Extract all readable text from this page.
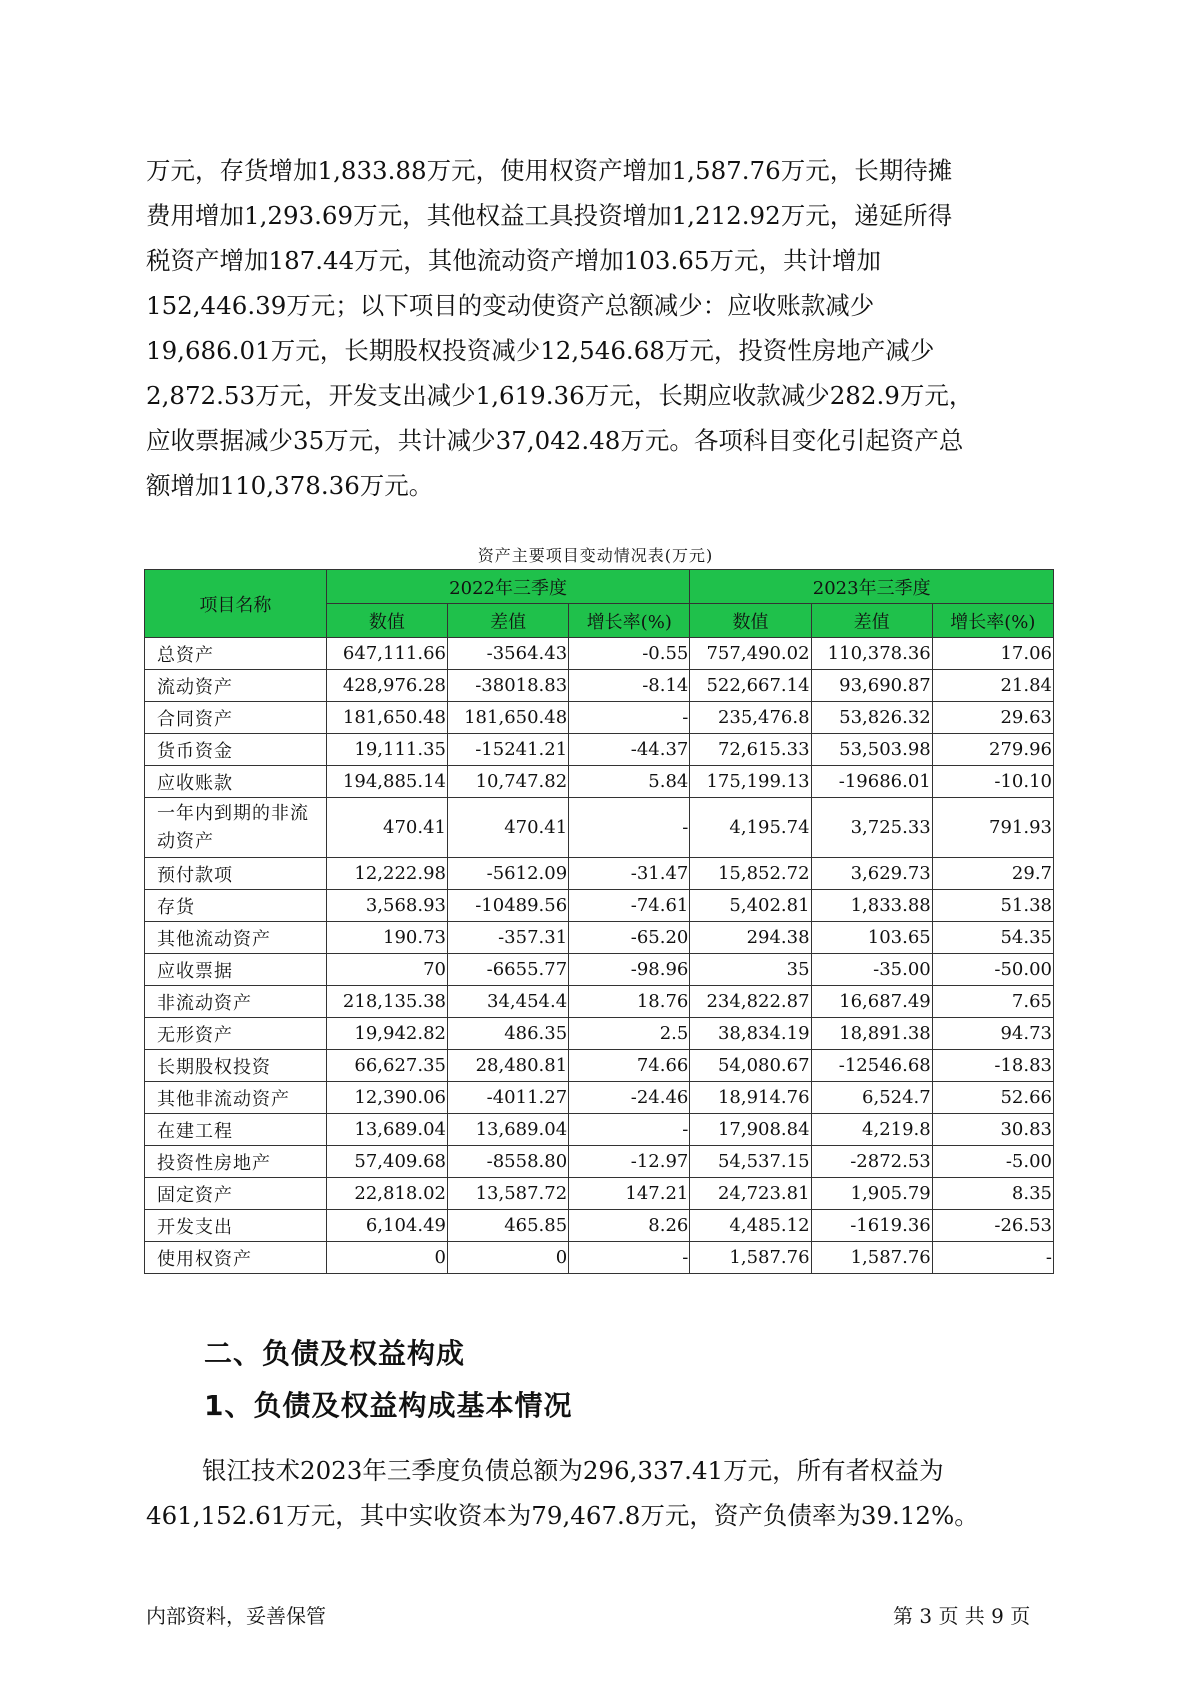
万元，存货增加1,833.88万元，使用权资产增加1,587.76万元，长期待摊
费用增加1,293.69万元，其他权益工具投资增加1,212.92万元，递延所得
税资产增加187.44万元，其他流动资产增加103.65万元，共计增加
152,446.39万元；以下项目的变动使资产总额减少：应收账款减少
19,686.01万元，长期股权投资减少12,546.68万元，投资性房地产减少
2,872.53万元，开发支出减少1,619.36万元，长期应收款减少282.9万元，
应收票据减少35万元，共计减少37,042.48万元。各项科目变化引起资产总
额增加110,378.36万元。
资产主要项目变动情况表(万元)
项目名称	2022年三季度			2023年三季度		
	数值	差值	增长率(%)	数值	差值	增长率(%)
总资产	647,111.66	-3564.43	-0.55	757,490.02	110,378.36	17.06
流动资产	428,976.28	-38018.83	-8.14	522,667.14	93,690.87	21.84
合同资产	181,650.48	181,650.48	-	235,476.8	53,826.32	29.63
货币资金	19,111.35	-15241.21	-44.37	72,615.33	53,503.98	279.96
应收账款	194,885.14	10,747.82	5.84	175,199.13	-19686.01	-10.10
一年内到期的非流动资产	470.41	470.41	-	4,195.74	3,725.33	791.93
预付款项	12,222.98	-5612.09	-31.47	15,852.72	3,629.73	29.7
存货	3,568.93	-10489.56	-74.61	5,402.81	1,833.88	51.38
其他流动资产	190.73	-357.31	-65.20	294.38	103.65	54.35
应收票据	70	-6655.77	-98.96	35	-35.00	-50.00
非流动资产	218,135.38	34,454.4	18.76	234,822.87	16,687.49	7.65
无形资产	19,942.82	486.35	2.5	38,834.19	18,891.38	94.73
长期股权投资	66,627.35	28,480.81	74.66	54,080.67	-12546.68	-18.83
其他非流动资产	12,390.06	-4011.27	-24.46	18,914.76	6,524.7	52.66
在建工程	13,689.04	13,689.04	-	17,908.84	4,219.8	30.83
投资性房地产	57,409.68	-8558.80	-12.97	54,537.15	-2872.53	-5.00
固定资产	22,818.02	13,587.72	147.21	24,723.81	1,905.79	8.35
开发支出	6,104.49	465.85	8.26	4,485.12	-1619.36	-26.53
使用权资产	0	0	-	1,587.76	1,587.76	-
二、负债及权益构成
1、负债及权益构成基本情况
银江技术2023年三季度负债总额为296,337.41万元，所有者权益为
461,152.61万元，其中实收资本为79,467.8万元，资产负债率为39.12%。
内部资料，妥善保管	第 3 页 共 9 页
